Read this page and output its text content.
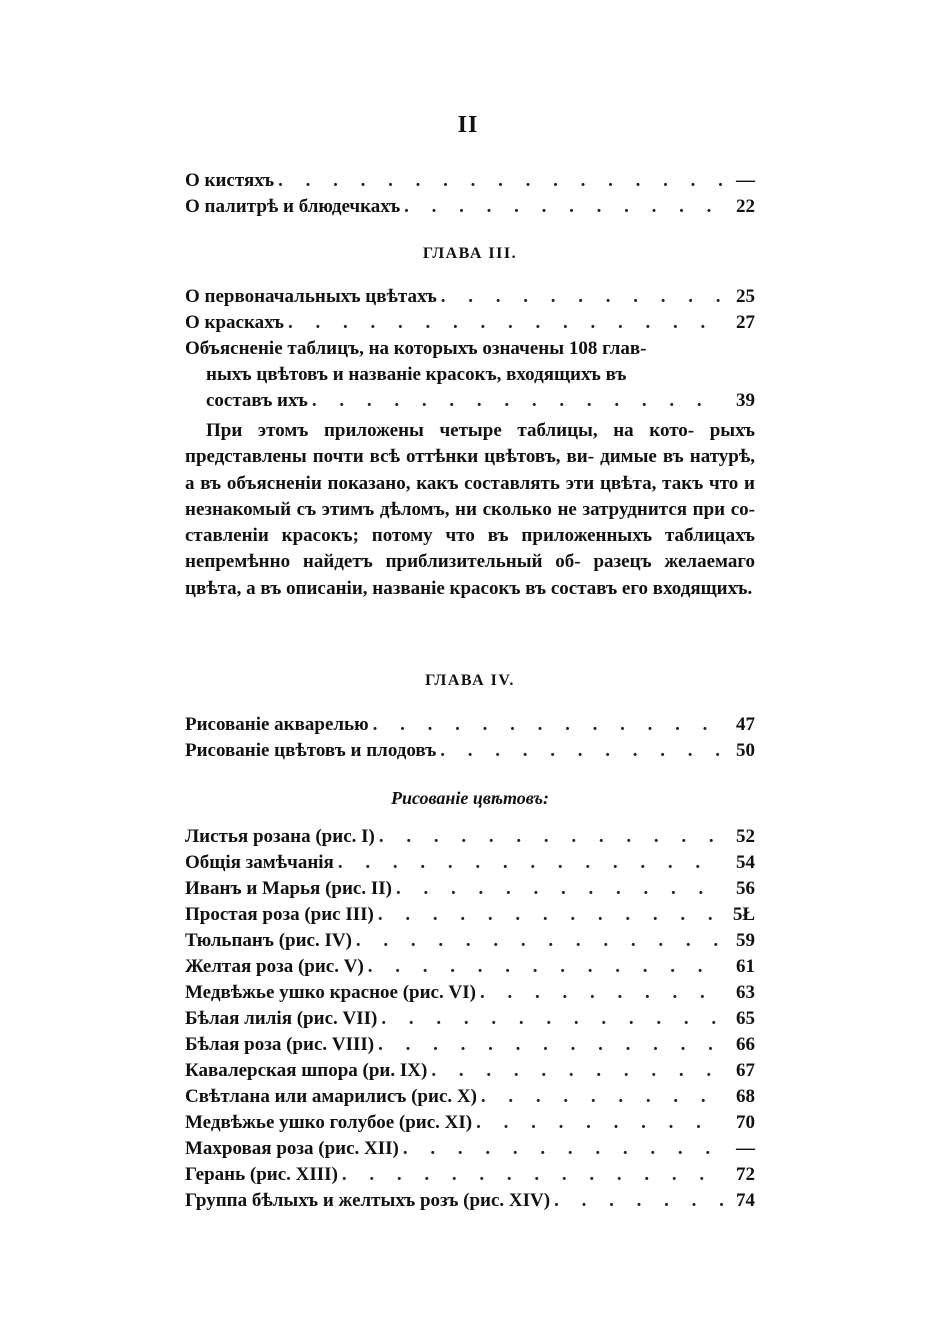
II
О кистяхъ . . .	—
О палитрѣ и блюдечкахъ . . .	22
ГЛАВА III.
О первоначальныхъ цвѣтахъ . . .	25
О краскахъ . . .	27
Объясненіе таблицъ, на которыхъ означены 108 глав-
ныхъ цвѣтовъ и названіе красокъ, входящихъ въ
составъ ихъ . . .	39
При этомъ приложены четыре таблицы, на кото- рыхъ представлены почти всѣ оттѣнки цвѣтовъ, ви- димые въ натурѣ, а въ объясненіи показано, какъ составлять эти цвѣта, такъ что и незнакомый съ этимъ дѣломъ, ни сколько не затруднится при со- ставленіи красокъ; потому что въ приложенныхъ таблицахъ непремѣнно найдетъ приблизительный об- разецъ желаемаго цвѣта, а въ описаніи, названіе красокъ въ составъ его входящихъ.
ГЛАВА IV.
Рисованіе акварелью . . .	47
Рисованіе цвѣтовъ и плодовъ . . .	50
Рисованіе цвѣтовъ:
Листья розана (рис. I) . . .	52
Общія замѣчанія . . .	54
Иванъ и Марья (рис. II) . . .	56
Простая роза (рис III) . . .	5Ł
Тюльпанъ (рис. IV) . . .	59
Желтая роза (рис. V) . . .	61
Медвѣжье ушко красное (рис. VI) . . .	63
Бѣлая лилія (рис. VII) . . .	65
Бѣлая роза (рис. VIII) . . .	66
Кавалерская шпора (ри. IX) . . .	67
Свѣтлана или амарилисъ (рис. X) . . .	68
Медвѣжье ушко голубое (рис. XI) . . .	70
Махровая роза (рис. XII) . . .	—
Герань (рис. XIII) . . .	72
Группа бѣлыхъ и желтыхъ розъ (рис. XIV) . . .	74
